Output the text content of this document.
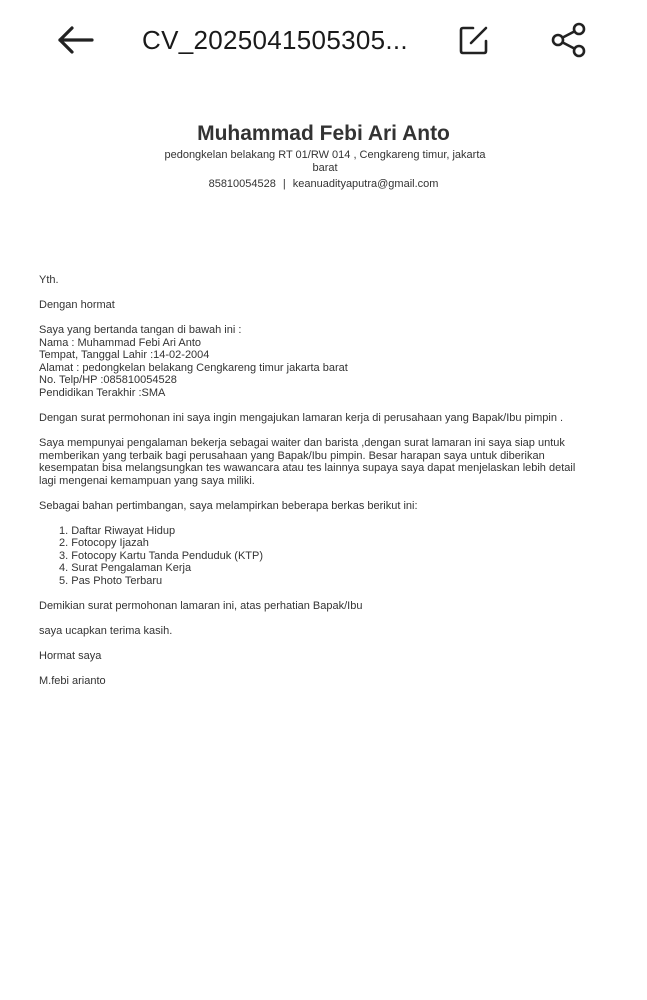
CV_2025041505305...
Muhammad Febi Ari Anto
pedongkelan belakang RT 01/RW 014 , Cengkareng timur, jakarta barat
85810054528 | keanuadityaputra@gmail.com

Yth.

Dengan hormat

Saya yang bertanda tangan di bawah ini :

Nama : Muhammad Febi Ari Anto

Tempat, Tanggal Lahir :14-02-2004

Alamat : pedongkelan belakang Cengkareng timur jakarta barat

No. Telp/HP :085810054528

Pendidikan Terakhir :SMA

Dengan surat permohonan ini saya ingin mengajukan lamaran kerja di perusahaan yang Bapak/Ibu pimpin .

Saya mempunyai pengalaman bekerja sebagai waiter dan barista ,dengan surat lamaran ini saya siap untuk

memberikan yang terbaik bagi perusahaan yang Bapak/Ibu pimpin. Besar harapan saya untuk diberikan

kesempatan bisa melangsungkan tes wawancara atau tes lainnya supaya saya dapat menjelaskan lebih detail

lagi mengenai kemampuan yang saya miliki.

Sebagai bahan pertimbangan, saya melampirkan beberapa berkas berikut ini:

1. Daftar Riwayat Hidup
2. Fotocopy Ijazah
3. Fotocopy Kartu Tanda Penduduk (KTP)
4. Surat Pengalaman Kerja
5. Pas Photo Terbaru

Demikian surat permohonan lamaran ini, atas perhatian Bapak/Ibu

saya ucapkan terima kasih.

Hormat saya

M.febi arianto
